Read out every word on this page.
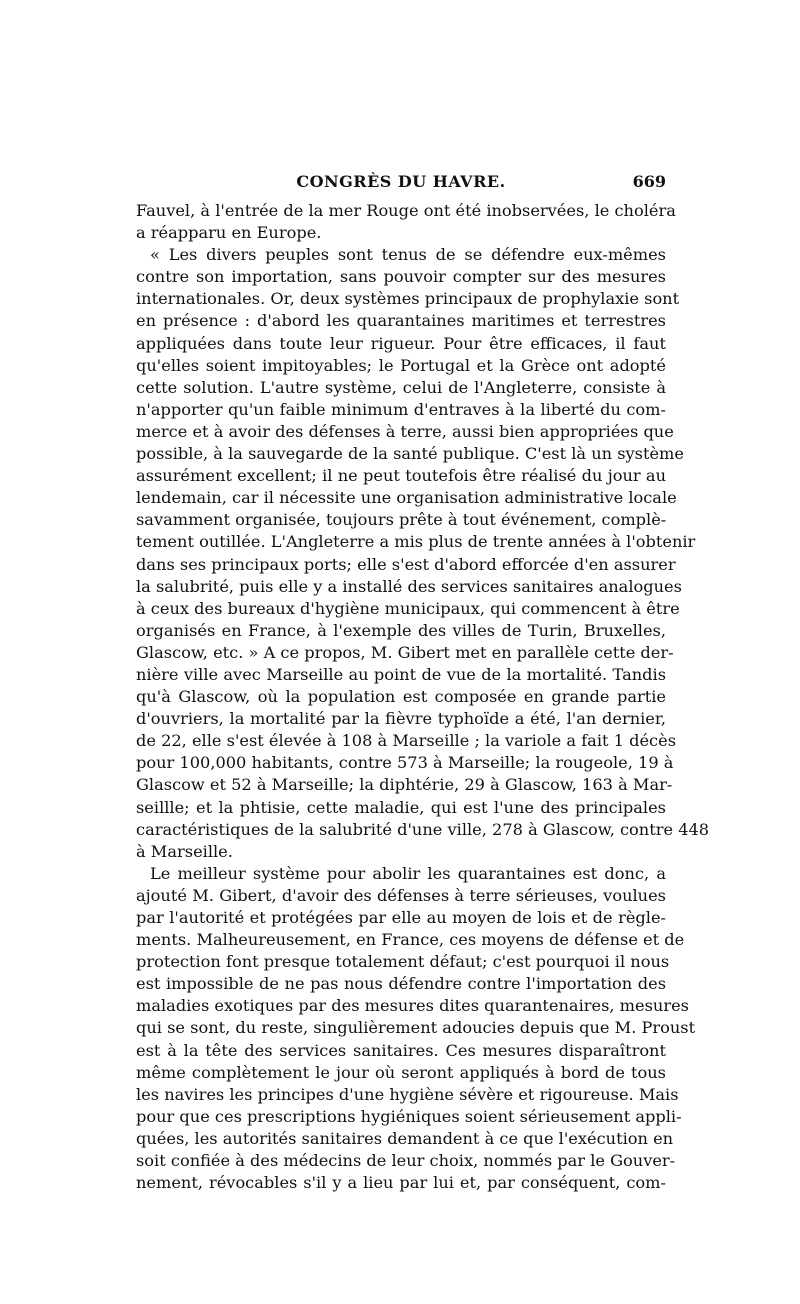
CONGRÈS DU HAVRE.	669
Fauvel, à l'entrée de la mer Rouge ont été inobservées, le choléra
a réapparu en Europe.
« Les divers peuples sont tenus de se défendre eux-mêmes
contre son importation, sans pouvoir compter sur des mesures
internationales. Or, deux systèmes principaux de prophylaxie sont
en présence : d'abord les quarantaines maritimes et terrestres
appliquées dans toute leur rigueur. Pour être efficaces, il faut
qu'elles soient impitoyables; le Portugal et la Grèce ont adopté
cette solution. L'autre système, celui de l'Angleterre, consiste à
n'apporter qu'un faible minimum d'entraves à la liberté du com-
merce et à avoir des défenses à terre, aussi bien appropriées que
possible, à la sauvegarde de la santé publique. C'est là un système
assurément excellent; il ne peut toutefois être réalisé du jour au
lendemain, car il nécessite une organisation administrative locale
savamment organisée, toujours prête à tout événement, complè-
tement outillée. L'Angleterre a mis plus de trente années à l'obtenir
dans ses principaux ports; elle s'est d'abord efforcée d'en assurer
la salubrité, puis elle y a installé des services sanitaires analogues
à ceux des bureaux d'hygiène municipaux, qui commencent à être
organisés en France, à l'exemple des villes de Turin, Bruxelles,
Glascow, etc. » A ce propos, M. Gibert met en parallèle cette der-
nière ville avec Marseille au point de vue de la mortalité. Tandis
qu'à Glascow, où la population est composée en grande partie
d'ouvriers, la mortalité par la fièvre typhoïde a été, l'an dernier,
de 22, elle s'est élevée à 108 à Marseille ; la variole a fait 1 décès
pour 100,000 habitants, contre 573 à Marseille; la rougeole, 19 à
Glascow et 52 à Marseille; la diphtérie, 29 à Glascow, 163 à Mar-
seillle; et la phtisie, cette maladie, qui est l'une des principales
caractéristiques de la salubrité d'une ville, 278 à Glascow, contre 448
à Marseille.
Le meilleur système pour abolir les quarantaines est donc, a
ajouté M. Gibert, d'avoir des défenses à terre sérieuses, voulues
par l'autorité et protégées par elle au moyen de lois et de règle-
ments. Malheureusement, en France, ces moyens de défense et de
protection font presque totalement défaut; c'est pourquoi il nous
est impossible de ne pas nous défendre contre l'importation des
maladies exotiques par des mesures dites quarantenaires, mesures
qui se sont, du reste, singulièrement adoucies depuis que M. Proust
est à la tête des services sanitaires. Ces mesures disparaîtront
même complètement le jour où seront appliqués à bord de tous
les navires les principes d'une hygiène sévère et rigoureuse. Mais
pour que ces prescriptions hygiéniques soient sérieusement appli-
quées, les autorités sanitaires demandent à ce que l'exécution en
soit confiée à des médecins de leur choix, nommés par le Gouver-
nement, révocables s'il y a lieu par lui et, par conséquent, com-
